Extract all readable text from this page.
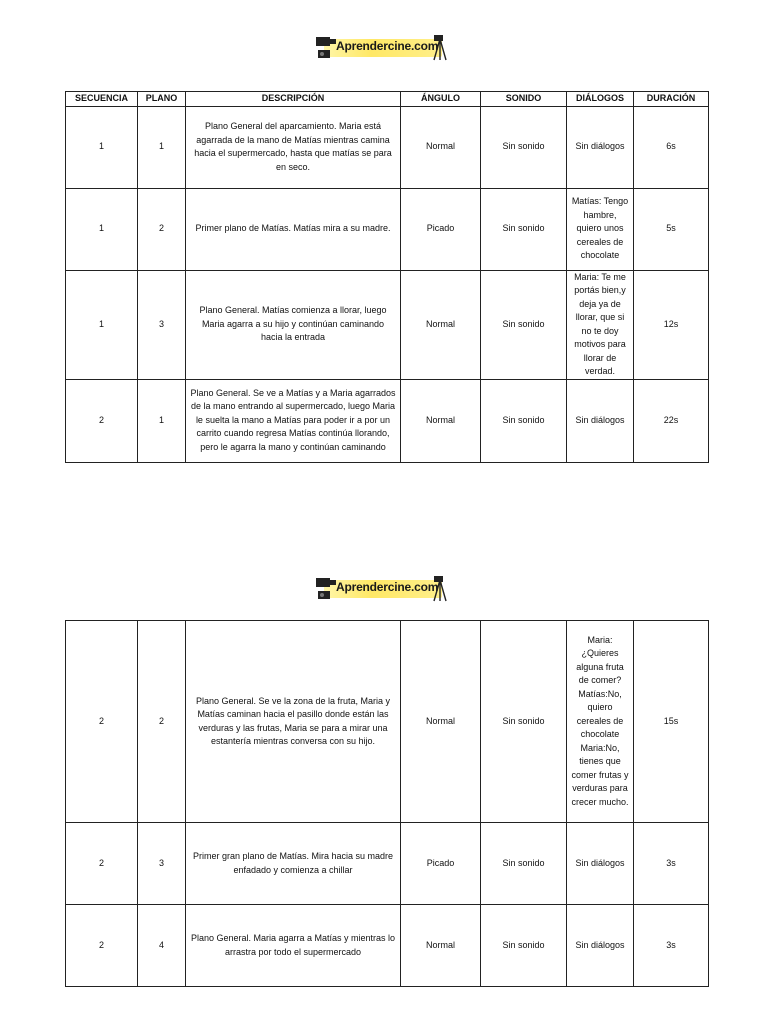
Aprendercine.com
SECUENCIA	PLANO	DESCRIPCIÓN	ÁNGULO	SONIDO	DIÁLOGOS	DURACIÓN
1	1	Plano General del aparcamiento. Maria está agarrada de la mano de Matías mientras camina hacia el supermercado, hasta que matías se para en seco.	Normal	Sin sonido	Sin diálogos	6s
1	2	Primer plano de Matías. Matías mira a su madre.	Picado	Sin sonido	Matías: Tengo hambre, quiero unos cereales de chocolate	5s
1	3	Plano General. Matías comienza a llorar, luego Maria agarra a su hijo y continúan caminando hacia la entrada	Normal	Sin sonido	Maria: Te me portás bien,y deja ya de llorar, que si no te doy motivos para llorar de verdad.	12s
2	1	Plano General. Se ve a Matías y a Maria agarrados de la mano entrando al supermercado, luego Maria le suelta la mano a Matías para poder ir a por un carrito cuando regresa Matías continúa llorando, pero le agarra la mano y continúan caminando	Normal	Sin sonido	Sin diálogos	22s
Aprendercine.com
2	2	Plano General. Se ve la zona de la fruta, Maria y Matías caminan hacia el pasillo donde están las verduras y las frutas, Maria se para a mirar una estantería mientras conversa con su hijo.	Normal	Sin sonido	Maria: ¿Quieres alguna fruta de comer? Matías:No, quiero cereales de chocolate Maria:No, tienes que comer frutas y verduras para crecer mucho.	15s
2	3	Primer gran plano de Matías. Mira hacia su madre enfadado y comienza a chillar	Picado	Sin sonido	Sin diálogos	3s
2	4	Plano General. Maria agarra a Matías y mientras lo arrastra por todo el supermercado	Normal	Sin sonido	Sin diálogos	3s
